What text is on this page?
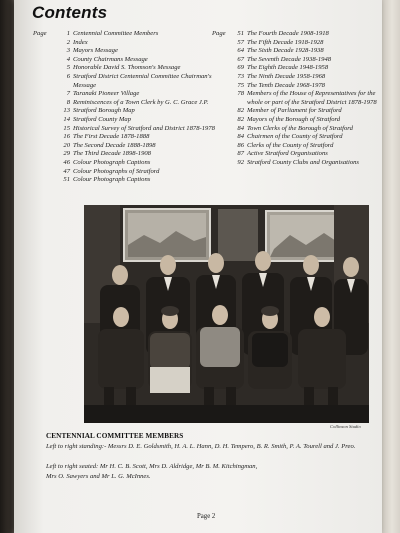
Contents
Page	Page
1 Centennial Committee Members
2 Index
3 Mayors Message
4 County Chairmans Message
5 Honorable David S. Thomson's Message
6 Stratford District Centennial Committee Chairman's Message
7 Taranaki Pioneer Village
8 Reminiscences of a Town Clerk by G. C. Grace J.P.
13 Stratford Borough Map
14 Stratford County Map
15 Historical Survey of Stratford and District 1878-1978
16 The First Decade 1878-1888
20 The Second Decade 1888-1898
29 The Third Decade 1898-1908
46 Colour Photograph Captions
47 Colour Photographs of Stratford
51 Colour Photograph Captions
51 The Fourth Decade 1908-1918
57 The Fifth Decade 1918-1928
64 The Sixth Decade 1928-1938
67 The Seventh Decade 1938-1948
69 The Eighth Decade 1948-1958
73 The Ninth Decade 1958-1968
75 The Tenth Decade 1968-1978
78 Members of the House of Representatives for the whole or part of the Stratford District 1878-1978
82 Member of Parliament for Stratford
82 Mayors of the Borough of Stratford
84 Town Clerks of the Borough of Stratford
84 Chairmen of the County of Stratford
86 Clerks of the County of Stratford
87 Active Stratford Organisations
92 Stratford County Clubs and Organisations
Collinson Studio
CENTENNIAL COMMITTEE MEMBERS
Left to right standing:- Messrs D. E. Goldsmith, H. A. L. Hann, D. H. Tempero, B. R. Smith, P. A. Tourell and J. Preo.
Left to right seated: Mr H. C. B. Scott, Mrs D. Aldridge, Mr B. M. Kitchingman,
Mrs O. Sawyers and Mr L. G. McInnes.
Page 2
